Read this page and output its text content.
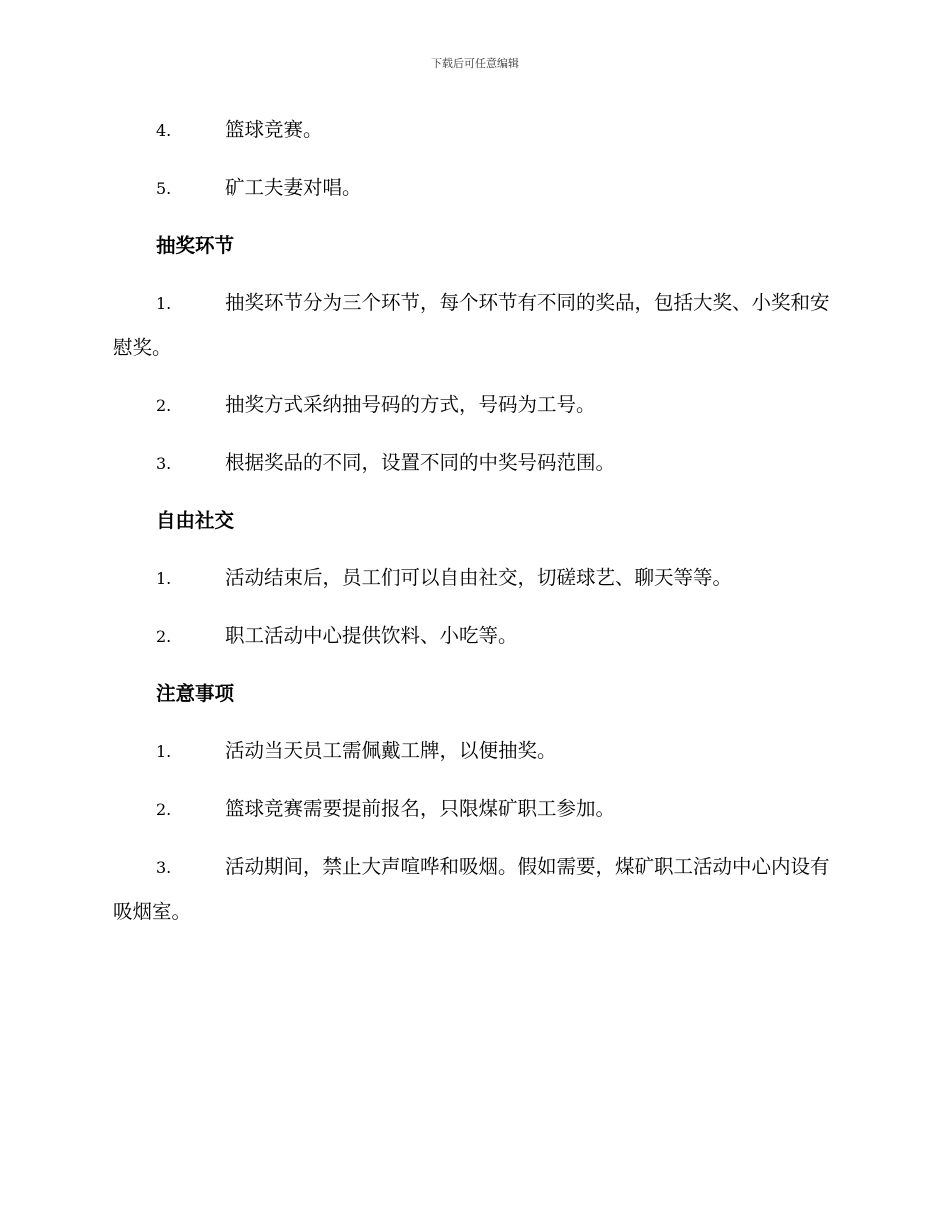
下载后可任意编辑
4.	篮球竞赛。
5.	矿工夫妻对唱。
抽奖环节
1.	抽奖环节分为三个环节，每个环节有不同的奖品，包括大奖、小奖和安慰奖。
2.	抽奖方式采纳抽号码的方式，号码为工号。
3.	根据奖品的不同，设置不同的中奖号码范围。
自由社交
1.	活动结束后，员工们可以自由社交，切磋球艺、聊天等等。
2.	职工活动中心提供饮料、小吃等。
注意事项
1.	活动当天员工需佩戴工牌，以便抽奖。
2.	篮球竞赛需要提前报名，只限煤矿职工参加。
3.	活动期间，禁止大声喧哗和吸烟。假如需要，煤矿职工活动中心内设有吸烟室。
